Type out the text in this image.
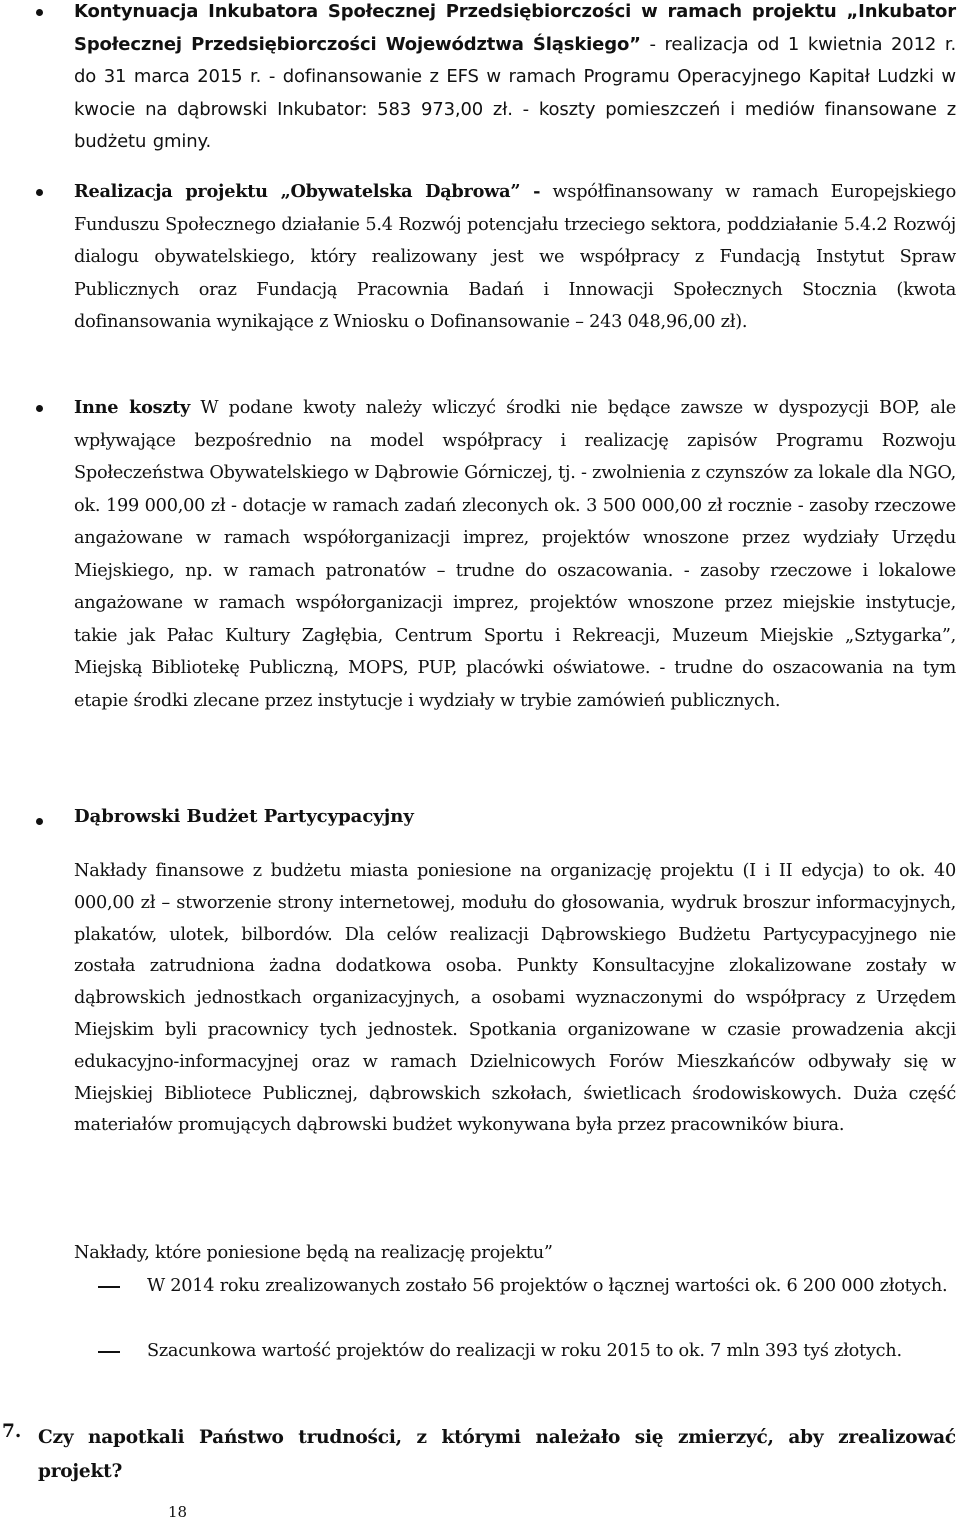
Kontynuacja Inkubatora Społecznej Przedsiębiorczości w ramach projektu „Inkubator Społecznej Przedsiębiorczości Województwa Śląskiego” - realizacja od 1 kwietnia 2012 r. do 31 marca 2015 r. - dofinansowanie z EFS w ramach Programu Operacyjnego Kapitał Ludzki w kwocie na dąbrowski Inkubator: 583 973,00 zł. - koszty pomieszczeń i mediów finansowane z budżetu gminy.
Realizacja projektu „Obywatelska Dąbrowa” - współfinansowany w ramach Europejskiego Funduszu Społecznego działanie 5.4 Rozwój potencjału trzeciego sektora, poddziałanie 5.4.2 Rozwój dialogu obywatelskiego, który realizowany jest we współpracy z Fundacją Instytut Spraw Publicznych oraz Fundacją Pracownia Badań i Innowacji Społecznych Stocznia (kwota dofinansowania wynikające z Wniosku o Dofinansowanie – 243 048,96,00 zł).
Inne koszty W podane kwoty należy wliczyć środki nie będące zawsze w dyspozycji BOP, ale wpływające bezpośrednio na model współpracy i realizację zapisów Programu Rozwoju Społeczeństwa Obywatelskiego w Dąbrowie Górniczej, tj. - zwolnienia z czynszów za lokale dla NGO, ok. 199 000,00 zł - dotacje w ramach zadań zleconych ok. 3 500 000,00 zł rocznie - zasoby rzeczowe angażowane w ramach współorganizacji imprez, projektów wnoszone przez wydziały Urzędu Miejskiego, np. w ramach patronatów – trudne do oszacowania. - zasoby rzeczowe i lokalowe angażowane w ramach współorganizacji imprez, projektów wnoszone przez miejskie instytucje, takie jak Pałac Kultury Zagłębia, Centrum Sportu i Rekreacji, Muzeum Miejskie „Sztygarka”, Miejską Bibliotekę Publiczną, MOPS, PUP, placówki oświatowe. - trudne do oszacowania na tym etapie środki zlecane przez instytucje i wydziały w trybie zamówień publicznych.
Dąbrowski Budżet Partycypacyjny
Nakłady finansowe z budżetu miasta poniesione na organizację projektu (I i II edycja) to ok. 40 000,00 zł – stworzenie strony internetowej, modułu do głosowania, wydruk broszur informacyjnych, plakatów, ulotek, bilbordów. Dla celów realizacji Dąbrowskiego Budżetu Partycypacyjnego nie została zatrudniona żadna dodatkowa osoba. Punkty Konsultacyjne zlokalizowane zostały w dąbrowskich jednostkach organizacyjnych, a osobami wyznaczonymi do współpracy z Urzędem Miejskim byli pracownicy tych jednostek. Spotkania organizowane w czasie prowadzenia akcji edukacyjno-informacyjnej oraz w ramach Dzielnicowych Forów Mieszkańców odbywały się w Miejskiej Bibliotece Publicznej, dąbrowskich szkołach, świetlicach środowiskowych. Duża część materiałów promujących dąbrowski budżet wykonywana była przez pracowników biura.
Nakłady, które poniesione będą na realizację projektu”
W 2014 roku zrealizowanych zostało 56 projektów o łącznej wartości ok. 6 200 000 złotych.
Szacunkowa wartość projektów do realizacji w roku 2015 to ok. 7 mln 393 tyś złotych.
7. Czy napotkali Państwo trudności, z którymi należało się zmierzyć, aby zrealizować projekt?
18
